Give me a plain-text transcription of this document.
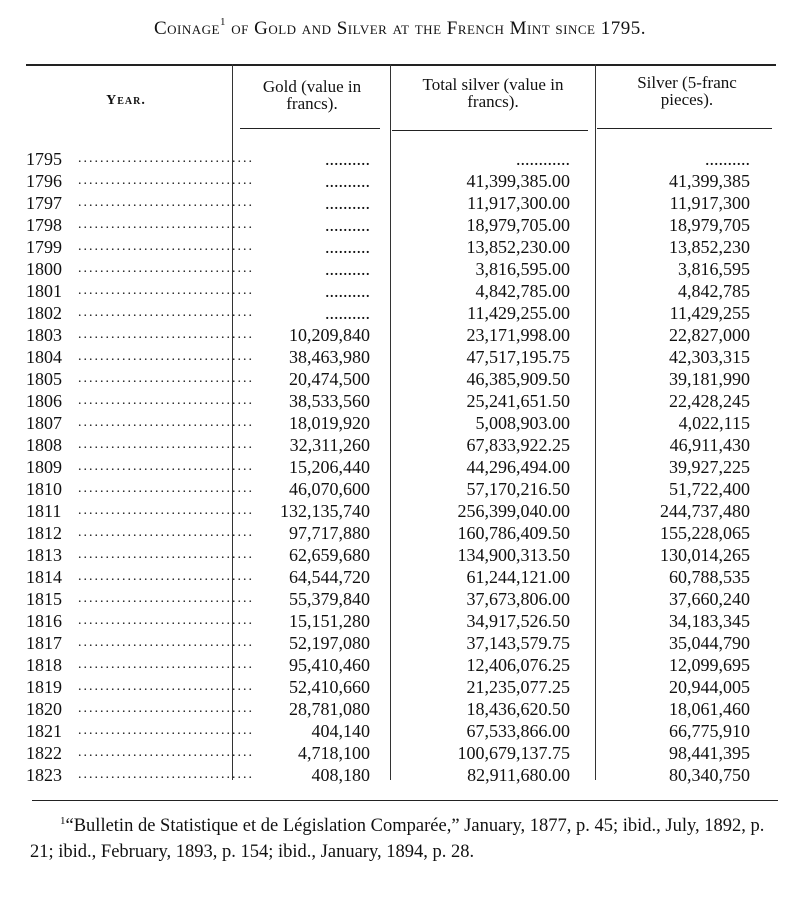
Coinage$^1$ of Gold and Silver at the French Mint since 1795.
Year.
Gold (value in
francs).
Total silver (value in
francs).
Silver (5-franc
pieces).
1795	..........	............	..........
................................
1796	..........	41,399,385.00	41,399,385
................................
1797	..........	11,917,300.00	11,917,300
................................
1798	..........	18,979,705.00	18,979,705
................................
1799	..........	13,852,230.00	13,852,230
................................
1800	..........	3,816,595.00	3,816,595
................................
1801	..........	4,842,785.00	4,842,785
................................
1802	..........	11,429,255.00	11,429,255
................................
1803	10,209,840	23,171,998.00	22,827,000
................................
1804	38,463,980	47,517,195.75	42,303,315
................................
1805	20,474,500	46,385,909.50	39,181,990
................................
1806	38,533,560	25,241,651.50	22,428,245
................................
1807	18,019,920	5,008,903.00	4,022,115
................................
1808	32,311,260	67,833,922.25	46,911,430
................................
1809	15,206,440	44,296,494.00	39,927,225
................................
1810	46,070,600	57,170,216.50	51,722,400
................................
1811	132,135,740	256,399,040.00	244,737,480
................................
1812	97,717,880	160,786,409.50	155,228,065
................................
1813	62,659,680	134,900,313.50	130,014,265
................................
1814	64,544,720	61,244,121.00	60,788,535
................................
1815	55,379,840	37,673,806.00	37,660,240
................................
1816	15,151,280	34,917,526.50	34,183,345
................................
1817	52,197,080	37,143,579.75	35,044,790
................................
1818	95,410,460	12,406,076.25	12,099,695
................................
1819	52,410,660	21,235,077.25	20,944,005
................................
1820	28,781,080	18,436,620.50	18,061,460
................................
1821	404,140	67,533,866.00	66,775,910
................................
1822	4,718,100	100,679,137.75	98,441,395
................................
1823	408,180	82,911,680.00	80,340,750
................................
$^1$“Bulletin de Statistique et de Législation Comparée,” January, 1877, p. 45; ibid., July, 1892, p. 21; ibid., February, 1893, p. 154; ibid., January, 1894, p. 28.
